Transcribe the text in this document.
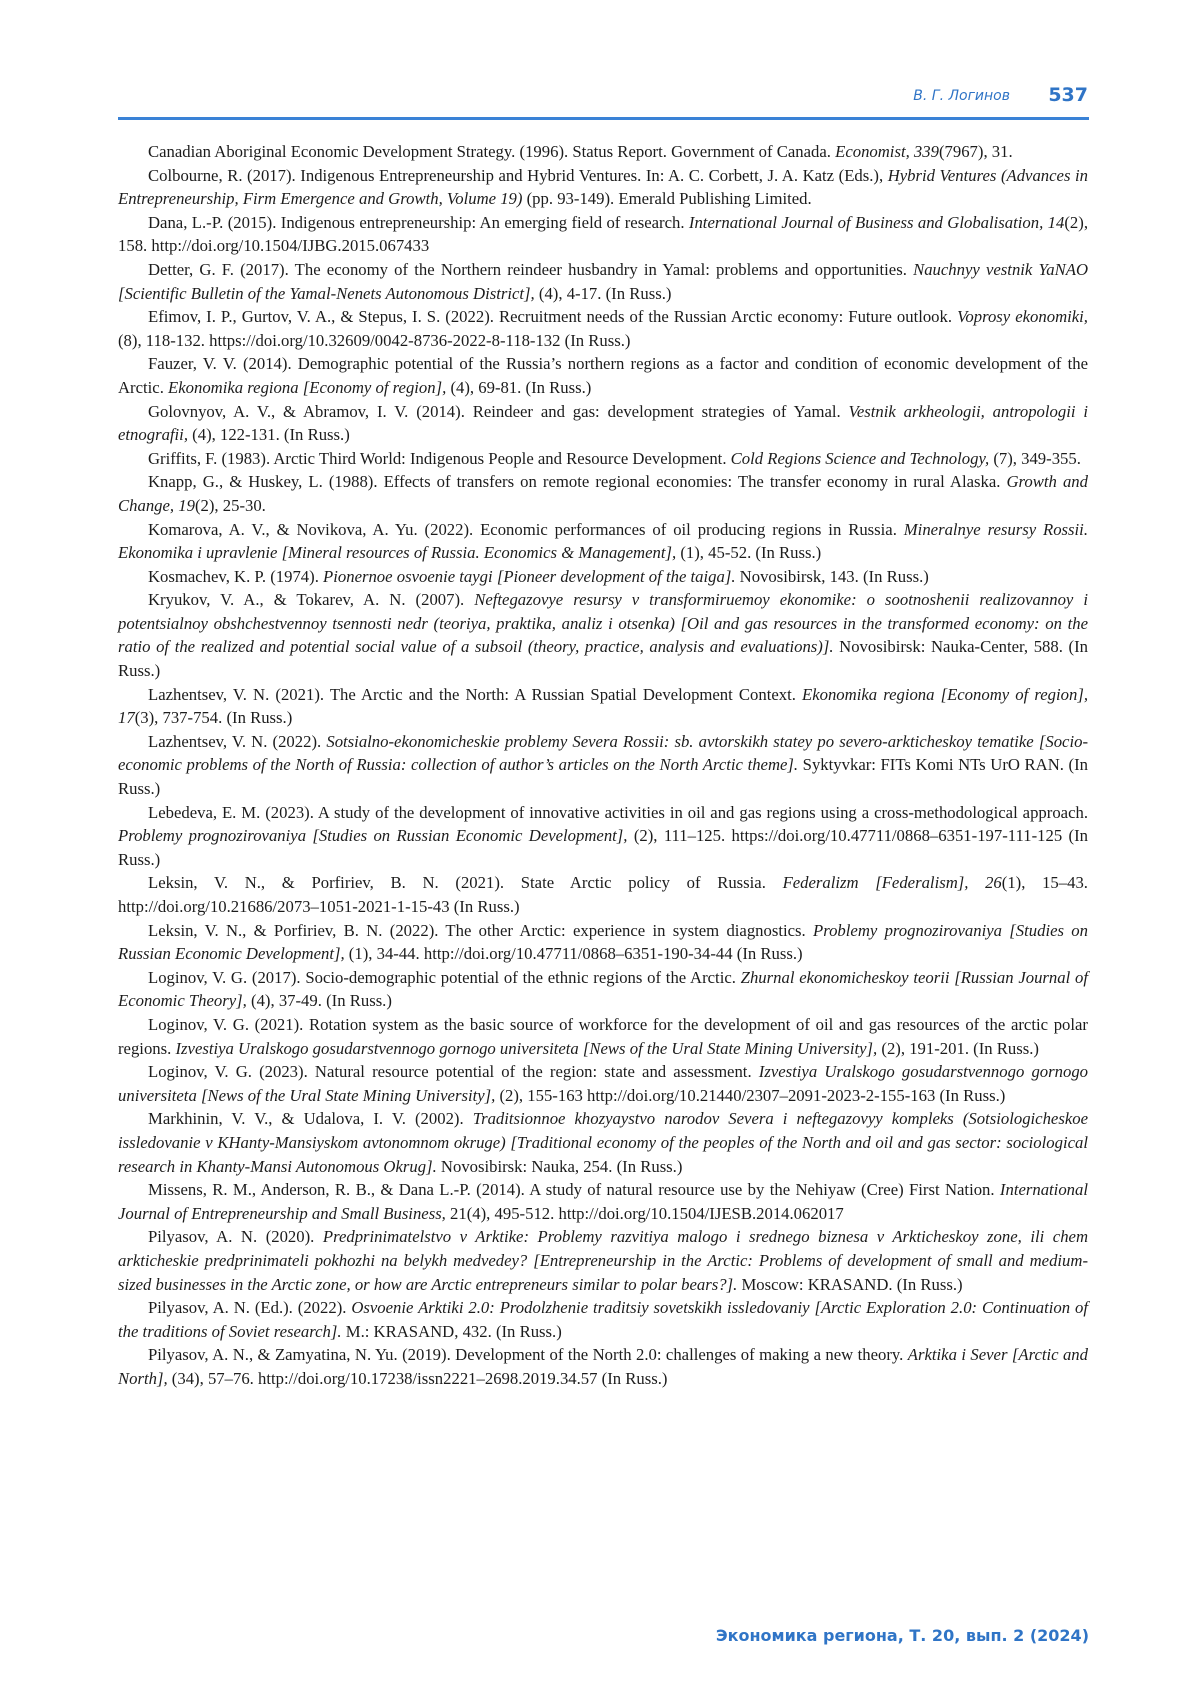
В. Г. Логинов 537

Canadian Aboriginal Economic Development Strategy. (1996). Status Report. Government of Canada. Economist, 339(7967), 31.

Colbourne, R. (2017). Indigenous Entrepreneurship and Hybrid Ventures. In: A. C. Corbett, J. A. Katz (Eds.), Hybrid Ventures (Advances in Entrepreneurship, Firm Emergence and Growth, Volume 19) (pp. 93-149). Emerald Publishing Limited.

Dana, L.-P. (2015). Indigenous entrepreneurship: An emerging field of research. International Journal of Business and Globalisation, 14(2), 158. http://doi.org/10.1504/IJBG.2015.067433

Detter, G. F. (2017). The economy of the Northern reindeer husbandry in Yamal: problems and opportunities. Nauchnyy vestnik YaNAO [Scientific Bulletin of the Yamal-Nenets Autonomous District], (4), 4-17. (In Russ.)

Efimov, I. P., Gurtov, V. A., & Stepus, I. S. (2022). Recruitment needs of the Russian Arctic economy: Future outlook. Voprosy ekonomiki, (8), 118-132. https://doi.org/10.32609/0042-8736-2022-8-118-132 (In Russ.)

Fauzer, V. V. (2014). Demographic potential of the Russia’s northern regions as a factor and condition of economic development of the Arctic. Ekonomika regiona [Economy of region], (4), 69-81. (In Russ.)

Golovnyov, A. V., & Abramov, I. V. (2014). Reindeer and gas: development strategies of Yamal. Vestnik arkheologii, antropologii i etnografii, (4), 122-131. (In Russ.)

Griffits, F. (1983). Arctic Third World: Indigenous People and Resource Development. Cold Regions Science and Technology, (7), 349-355.

Knapp, G., & Huskey, L. (1988). Effects of transfers on remote regional economies: The transfer economy in rural Alaska. Growth and Change, 19(2), 25-30.

Komarova, A. V., & Novikova, A. Yu. (2022). Economic performances of oil producing regions in Russia. Mineralnye resursy Rossii. Ekonomika i upravlenie [Mineral resources of Russia. Economics & Management], (1), 45-52. (In Russ.)

Kosmachev, K. P. (1974). Pionernoe osvoenie taygi [Pioneer development of the taiga]. Novosibirsk, 143. (In Russ.)

Kryukov, V. A., & Tokarev, A. N. (2007). Neftegazovye resursy v transformiruemoy ekonomike: o sootnoshenii realizovannoy i potentsialnoy obshchestvennoy tsennosti nedr (teoriya, praktika, analiz i otsenka) [Oil and gas resources in the transformed economy: on the ratio of the realized and potential social value of a subsoil (theory, practice, analysis and evaluations)]. Novosibirsk: Nauka-Center, 588. (In Russ.)

Lazhentsev, V. N. (2021). The Arctic and the North: A Russian Spatial Development Context. Ekonomika regiona [Economy of region], 17(3), 737-754. (In Russ.)

Lazhentsev, V. N. (2022). Sotsialno-ekonomicheskie problemy Severa Rossii: sb. avtorskikh statey po severo-arkticheskoy tematike [Socio-economic problems of the North of Russia: collection of author’s articles on the North Arctic theme]. Syktyvkar: FITs Komi NTs UrO RAN. (In Russ.)

Lebedeva, E. M. (2023). A study of the development of innovative activities in oil and gas regions using a cross-methodological approach. Problemy prognozirovaniya [Studies on Russian Economic Development], (2), 111–125. https://doi.org/10.47711/0868–6351-197-111-125 (In Russ.)

Leksin, V. N., & Porfiriev, B. N. (2021). State Arctic policy of Russia. Federalizm [Federalism], 26(1), 15–43. http://doi.org/10.21686/2073–1051-2021-1-15-43 (In Russ.)

Leksin, V. N., & Porfiriev, B. N. (2022). The other Arctic: experience in system diagnostics. Problemy prognozirovaniya [Studies on Russian Economic Development], (1), 34-44. http://doi.org/10.47711/0868–6351-190-34-44 (In Russ.)

Loginov, V. G. (2017). Socio-demographic potential of the ethnic regions of the Arctic. Zhurnal ekonomicheskoy teorii [Russian Journal of Economic Theory], (4), 37-49. (In Russ.)

Loginov, V. G. (2021). Rotation system as the basic source of workforce for the development of oil and gas resources of the arctic polar regions. Izvestiya Uralskogo gosudarstvennogo gornogo universiteta [News of the Ural State Mining University], (2), 191-201. (In Russ.)

Loginov, V. G. (2023). Natural resource potential of the region: state and assessment. Izvestiya Uralskogo gosudarstvennogo gornogo universiteta [News of the Ural State Mining University], (2), 155-163 http://doi.org/10.21440/2307–2091-2023-2-155-163 (In Russ.)

Markhinin, V. V., & Udalova, I. V. (2002). Traditsionnoe khozyaystvo narodov Severa i neftegazovyy kompleks (Sotsiologicheskoe issledovanie v KHanty-Mansiyskom avtonomnom okruge) [Traditional economy of the peoples of the North and oil and gas sector: sociological research in Khanty-Mansi Autonomous Okrug]. Novosibirsk: Nauka, 254. (In Russ.)

Missens, R. M., Anderson, R. B., & Dana L.-P. (2014). A study of natural resource use by the Nehiyaw (Cree) First Nation. International Journal of Entrepreneurship and Small Business, 21(4), 495-512. http://doi.org/10.1504/IJESB.2014.062017

Pilyasov, A. N. (2020). Predprinimatelstvo v Arktike: Problemy razvitiya malogo i srednego biznesa v Arkticheskoy zone, ili chem arkticheskie predprinimateli pokhozhi na belykh medvedey? [Entrepreneurship in the Arctic: Problems of development of small and medium-sized businesses in the Arctic zone, or how are Arctic entrepreneurs similar to polar bears?]. Moscow: KRASAND. (In Russ.)

Pilyasov, A. N. (Ed.). (2022). Osvoenie Arktiki 2.0: Prodolzhenie traditsiy sovetskikh issledovaniy [Arctic Exploration 2.0: Continuation of the traditions of Soviet research]. M.: KRASAND, 432. (In Russ.)

Pilyasov, A. N., & Zamyatina, N. Yu. (2019). Development of the North 2.0: challenges of making a new theory. Arktika i Sever [Arctic and North], (34), 57–76. http://doi.org/10.17238/issn2221–2698.2019.34.57 (In Russ.)

Экономика региона, Т. 20, вып. 2 (2024)
